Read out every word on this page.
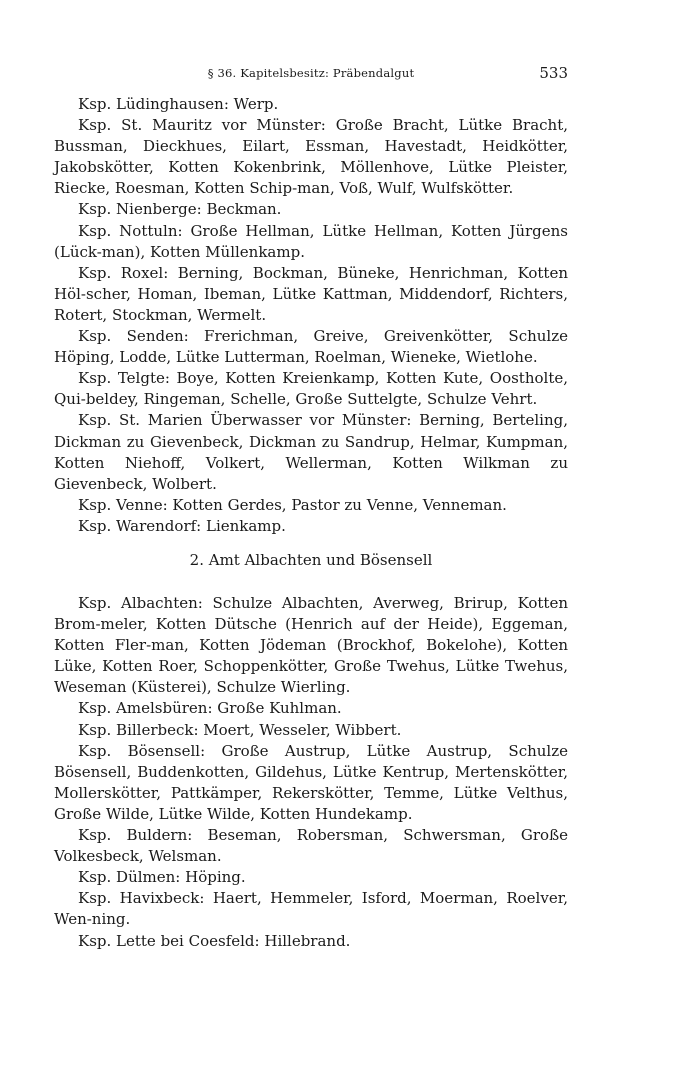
§ 36. Kapitelsbesitz: Präbendalgut	533

Ksp. Lüdinghausen: Werp.

Ksp. St. Mauritz vor Münster: Große Bracht, Lütke Bracht, Bussman, Dieckhues, Eilart, Essman, Havestadt, Heidkötter, Jakobskötter, Kotten Kokenbrink, Möllenhove, Lütke Pleister, Riecke, Roesman, Kotten Schip-man, Voß, Wulf, Wulfskötter.

Ksp. Nienberge: Beckman.

Ksp. Nottuln: Große Hellman, Lütke Hellman, Kotten Jürgens (Lück-man), Kotten Müllenkamp.

Ksp. Roxel: Berning, Bockman, Büneke, Henrichman, Kotten Höl-scher, Homan, Ibeman, Lütke Kattman, Middendorf, Richters, Rotert, Stockman, Wermelt.

Ksp. Senden: Frerichman, Greive, Greivenkötter, Schulze Höping, Lodde, Lütke Lutterman, Roelman, Wieneke, Wietlohe.

Ksp. Telgte: Boye, Kotten Kreienkamp, Kotten Kute, Oostholte, Qui-beldey, Ringeman, Schelle, Große Suttelgte, Schulze Vehrt.

Ksp. St. Marien Überwasser vor Münster: Berning, Berteling, Dickman zu Gievenbeck, Dickman zu Sandrup, Helmar, Kumpman, Kotten Niehoff, Volkert, Wellerman, Kotten Wilkman zu Gievenbeck, Wolbert.

Ksp. Venne: Kotten Gerdes, Pastor zu Venne, Venneman.

Ksp. Warendorf: Lienkamp.

2. Amt Albachten und Bösensell

Ksp. Albachten: Schulze Albachten, Averweg, Brirup, Kotten Brom-meler, Kotten Dütsche (Henrich auf der Heide), Eggeman, Kotten Fler-man, Kotten Jödeman (Brockhof, Bokelohe), Kotten Lüke, Kotten Roer, Schoppenkötter, Große Twehus, Lütke Twehus, Weseman (Küsterei), Schulze Wierling.

Ksp. Amelsbüren: Große Kuhlman.

Ksp. Billerbeck: Moert, Wesseler, Wibbert.

Ksp. Bösensell: Große Austrup, Lütke Austrup, Schulze Bösensell, Buddenkotten, Gildehus, Lütke Kentrup, Mertenskötter, Mollerskötter, Pattkämper, Rekerskötter, Temme, Lütke Velthus, Große Wilde, Lütke Wilde, Kotten Hundekamp.

Ksp. Buldern: Beseman, Robersman, Schwersman, Große Volkesbeck, Welsman.

Ksp. Dülmen: Höping.

Ksp. Havixbeck: Haert, Hemmeler, Isford, Moerman, Roelver, Wen-ning.

Ksp. Lette bei Coesfeld: Hillebrand.
